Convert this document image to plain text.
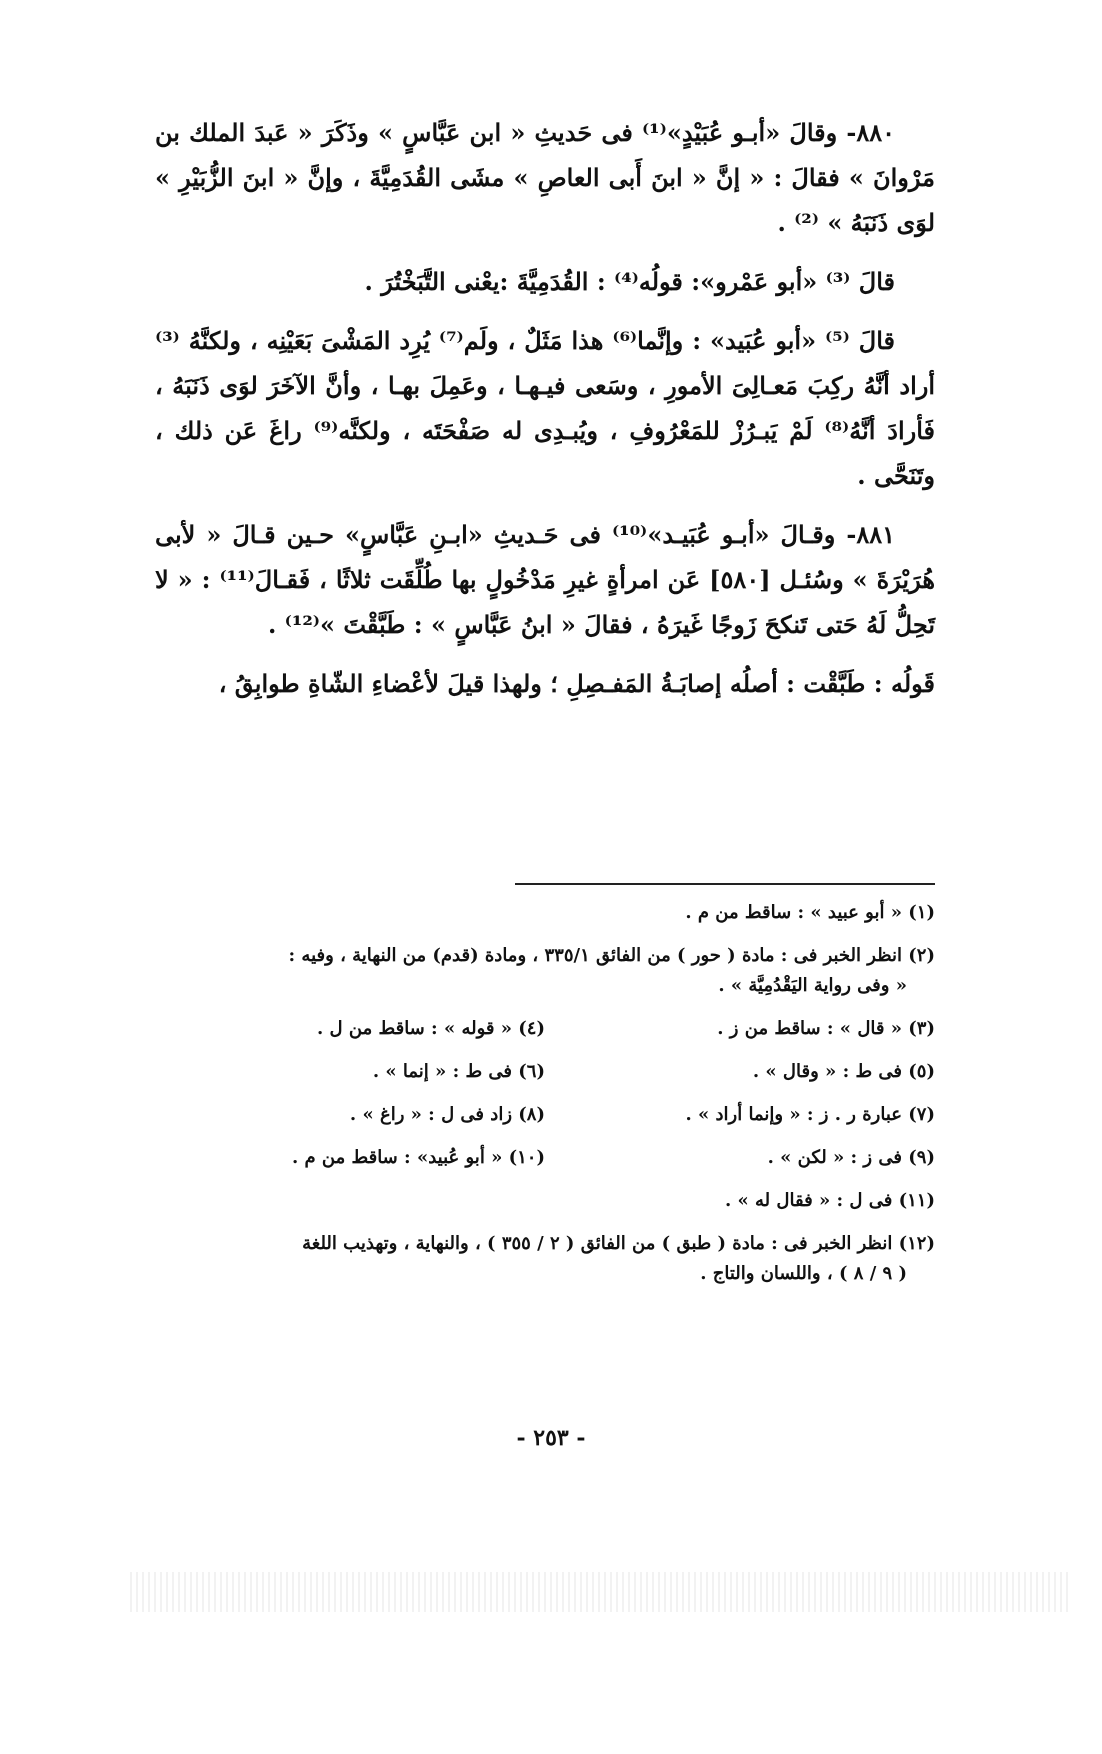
٨٨٠- وقالَ «أبـو عُبَيْدٍ»⁽¹⁾ فى حَديثِ « ابن عَبَّاسٍ » وذَكَرَ « عَبدَ الملك بن مَرْوانَ » فقالَ : « إنَّ « ابنَ أَبى العاصِ » مشَى القُدَمِيَّةَ ، وإنَّ « ابنَ الزُّبَيْرِ » لوَى ذَنَبَهُ » ⁽²⁾ .

قالَ ⁽³⁾ «أبو عَمْرو»: قولُه⁽⁴⁾ : القُدَمِيَّةَ :يعْنى التَّبَخْتُرَ .

قالَ ⁽⁵⁾ «أبو عُبَيد» : وإنَّما⁽⁶⁾ هذا مَثَلٌ ، ولَم⁽⁷⁾ يُرِد المَشْىَ بَعَيْنِه ، ولكنَّهُ ⁽³⁾ أراد أنَّهُ ركِبَ مَعـالِىَ الأمورِ ، وسَعى فيـهـا ، وعَمِلَ بهـا ، وأنَّ الآخَرَ لوَى ذَنَبَهُ ، فَأرادَ أنَّهُ⁽⁸⁾ لَمْ يَبـرُزْ للمَعْرُوفِ ، ويُبـدِى له صَفْحَتَه ، ولكنَّه⁽⁹⁾ راغَ عَن ذلك ، وتَنَحَّى .

٨٨١- وقـالَ «أبـو عُبَيـد»⁽¹⁰⁾ فى حَـديثِ «ابـنِ عَبَّاسٍ» حـين قـالَ « لأبى هُرَيْرَةَ » وسُئـل [٥٨٠] عَن امرأةٍ غيرِ مَدْخُولٍ بها طُلِّقَت ثلاثًا ، فَقـالَ⁽¹¹⁾ : « لا تَحِلُّ لَهُ حَتى تَنكحَ زَوجًا غَيرَهُ ، فقالَ « ابنُ عَبَّاسٍ » : طَبَّقْتَ »⁽¹²⁾ .

قَولُه : طَبَّقْت : أصلُه إصابَـةُ المَفـصِلِ ؛ ولهذا قيلَ لأعْضاءِ الشّاةِ طوابِقُ ،

(١) « أبو عبيد » : ساقط من م .
(٢) انظر الخبر فى : مادة ( حور ) من الفائق ٣٣٥/١ ، ومادة (قدم) من النهاية ، وفيه :
« وفى رواية اليَقْدُمِيَّة » .
(٣) « قال » : ساقط من ز .
(٤) « قوله » : ساقط من ل .
(٥) فى ط : « وقال » .
(٦) فى ط : « إنما » .
(٧) عبارة ر . ز : « وإنما أراد » .
(٨) زاد فى ل : « راغ » .
(٩) فى ز : « لكن » .
(١٠) « أبو عُبيد» : ساقط من م .
(١١) فى ل : « فقال له » .
(١٢) انظر الخبر فى : مادة ( طبق ) من الفائق ( ٢ / ٣٥٥ ) ، والنهاية ، وتهذيب اللغة
( ٩ / ٨ ) ، واللسان والتاج .
- ٢٥٣ -
